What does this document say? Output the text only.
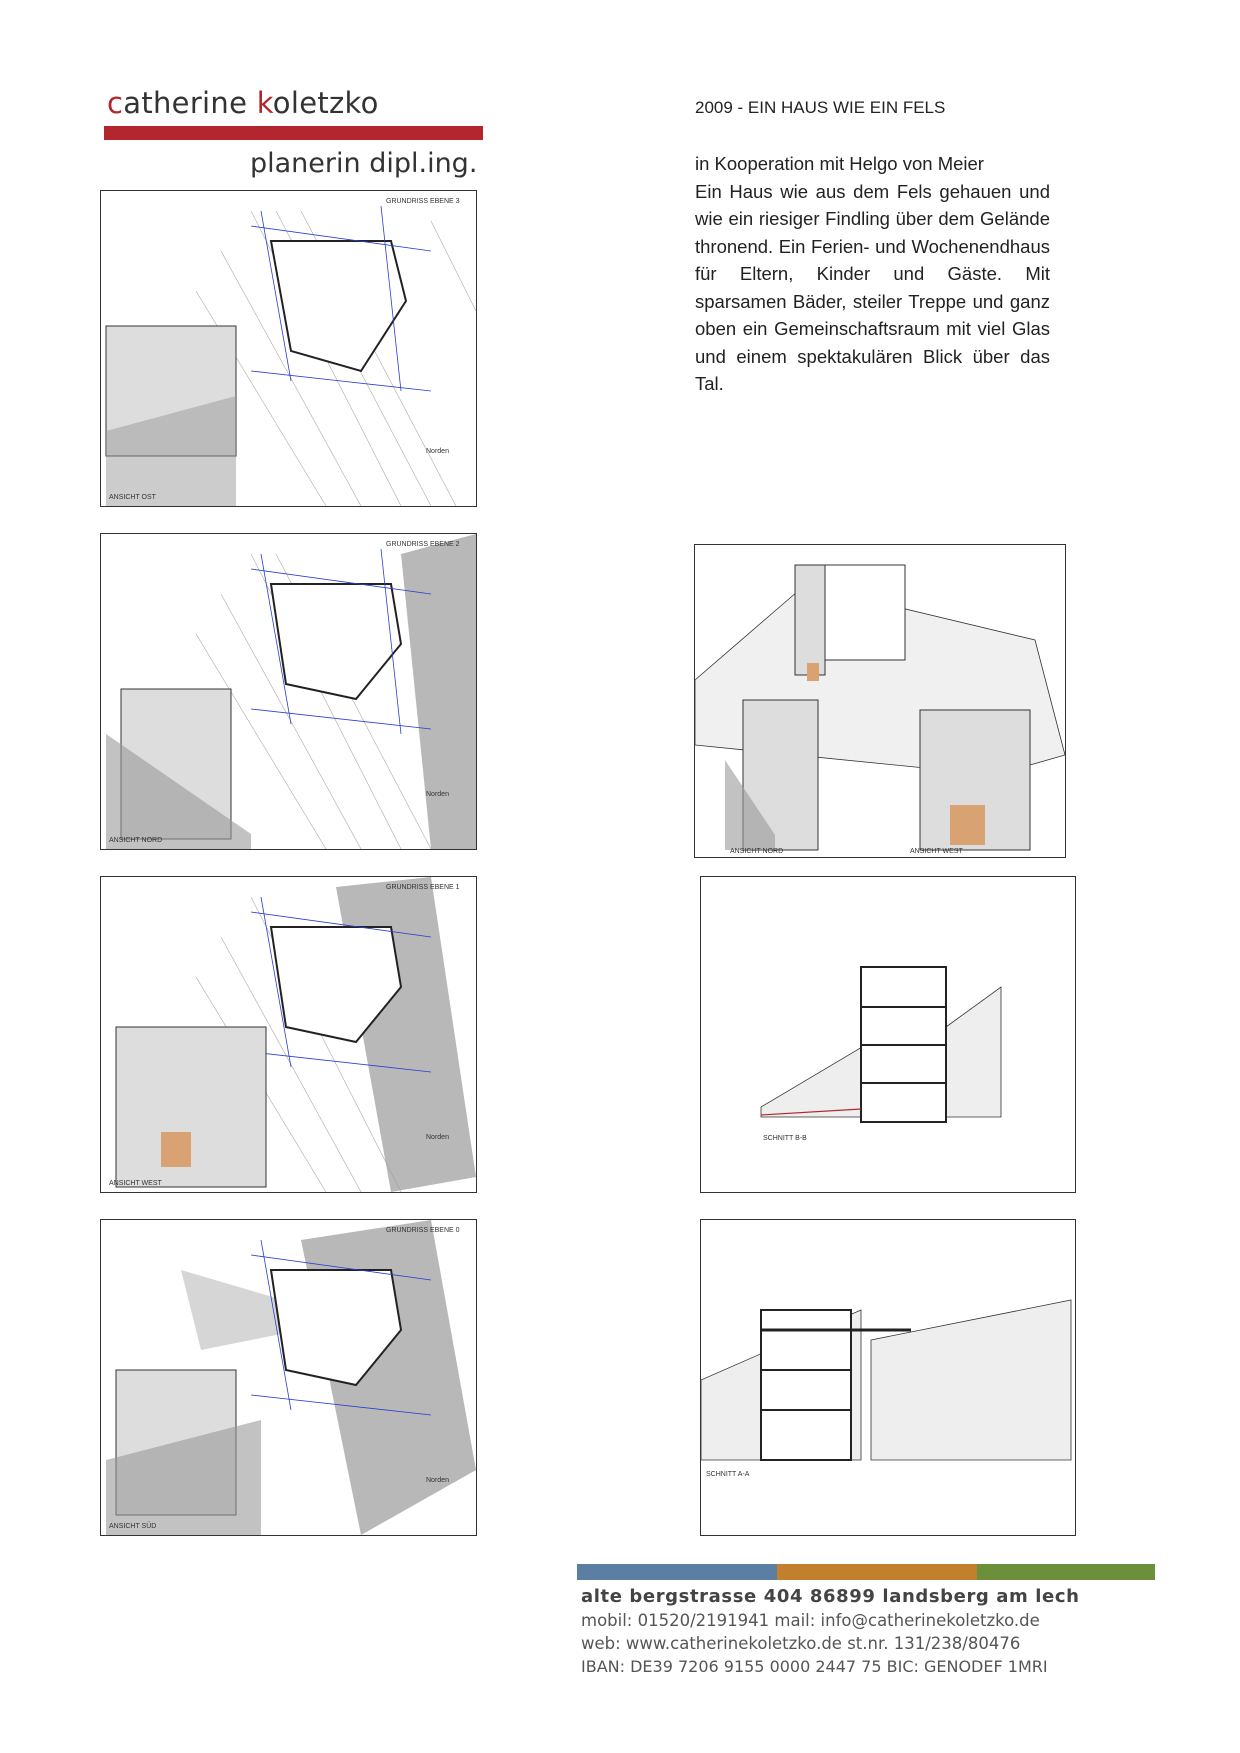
catherine koletzko
planerin dipl.ing.
2009 - EIN HAUS WIE EIN FELS

in Kooperation mit Helgo von Meier

Ein Haus wie aus dem Fels gehauen und wie ein riesiger Findling über dem Gelände thronend. Ein Ferien- und Wochenendhaus für Eltern, Kinder und Gäste. Mit sparsamen Bäder, steiler Treppe und ganz oben ein Gemeinschaftsraum mit viel Glas und einem spektakulären Blick über das Tal.

GRUNDRISS EBENE 3
ANSICHT OST
Norden
GRUNDRISS EBENE 2
ANSICHT NORD
Norden
GRUNDRISS EBENE 1
ANSICHT WEST
Norden
GRUNDRISS EBENE 0
ANSICHT SÜD
Norden
ANSICHT NORD	ANSICHT WEST
SCHNITT B-B
SCHNITT A-A
alte bergstrasse 404 86899 landsberg am lech
mobil: 01520/2191941 mail: info@catherinekoletzko.de
web: www.catherinekoletzko.de st.nr. 131/238/80476
IBAN: DE39 7206 9155 0000 2447 75 BIC: GENODEF 1MRI
